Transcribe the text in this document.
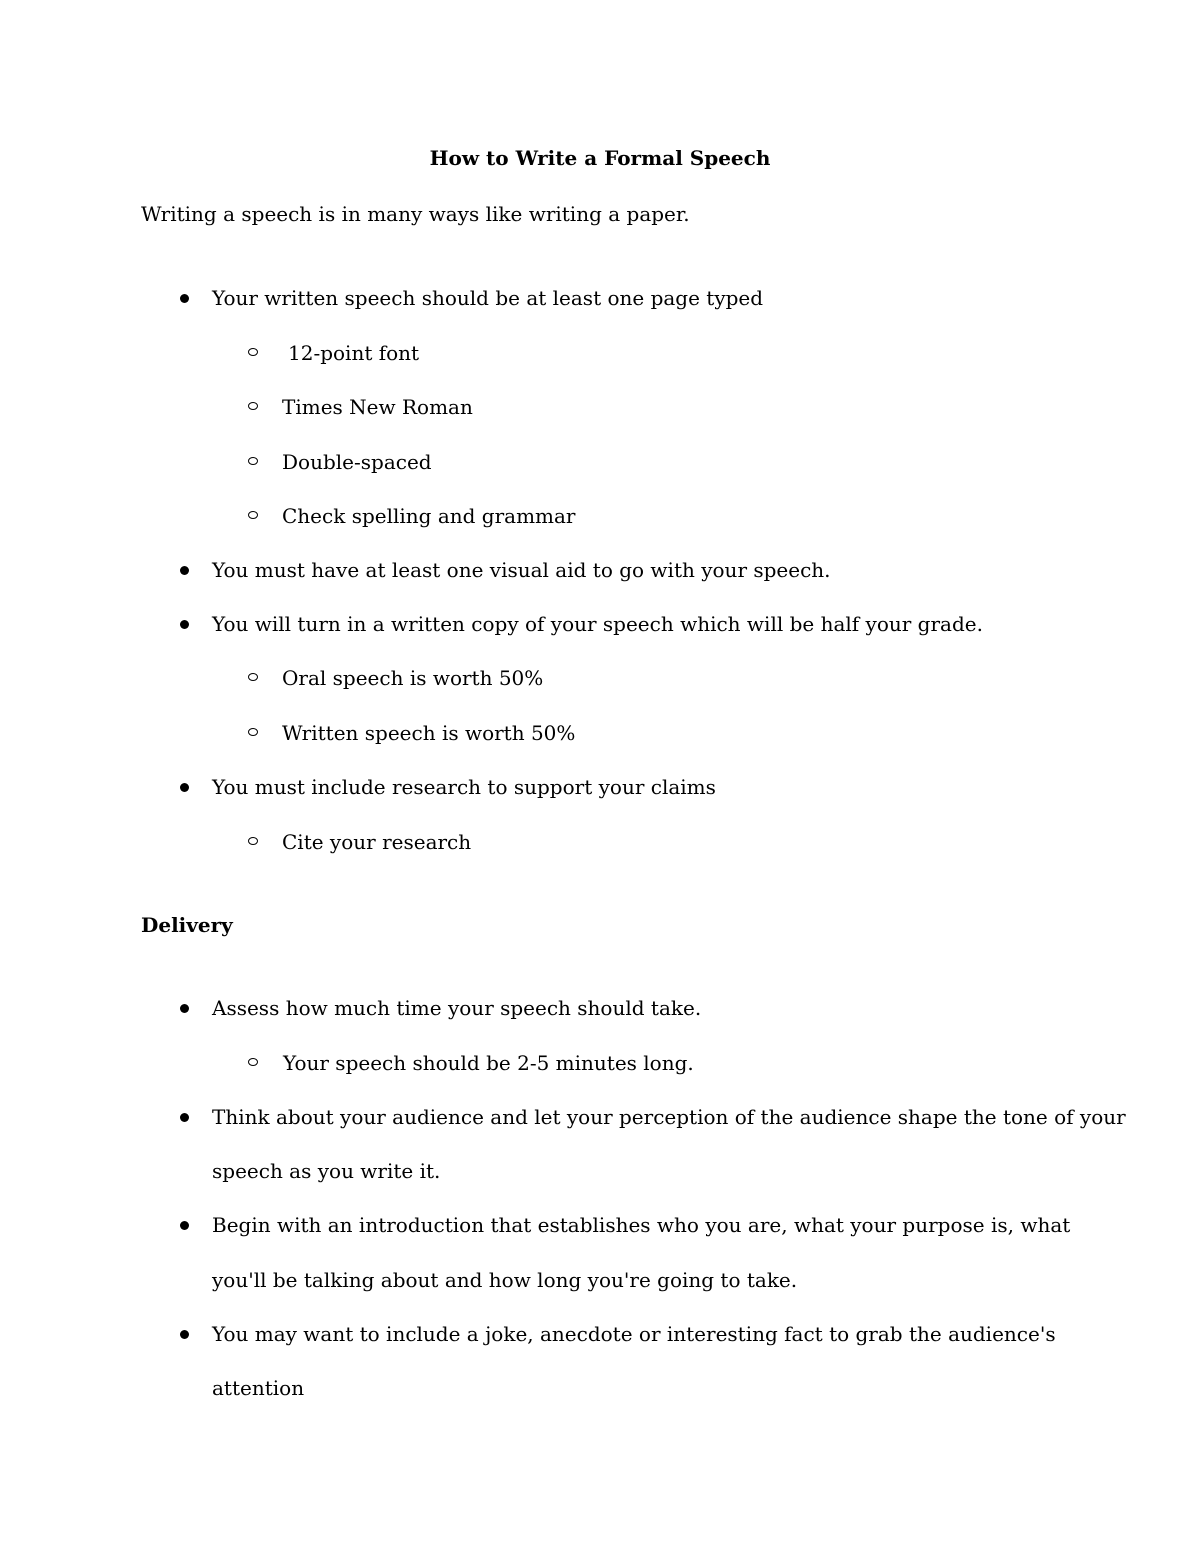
How to Write a Formal Speech
Writing a speech is in many ways like writing a paper.
Your written speech should be at least one page typed
12-point font
Times New Roman
Double-spaced
Check spelling and grammar
You must have at least one visual aid to go with your speech.
You will turn in a written copy of your speech which will be half your grade.
Oral speech is worth 50%
Written speech is worth 50%
You must include research to support your claims
Cite your research
Delivery
Assess how much time your speech should take.
Your speech should be 2-5 minutes long.
Think about your audience and let your perception of the audience shape the tone of your
speech as you write it.
Begin with an introduction that establishes who you are, what your purpose is, what
you'll be talking about and how long you're going to take.
You may want to include a joke, anecdote or interesting fact to grab the audience's
attention
